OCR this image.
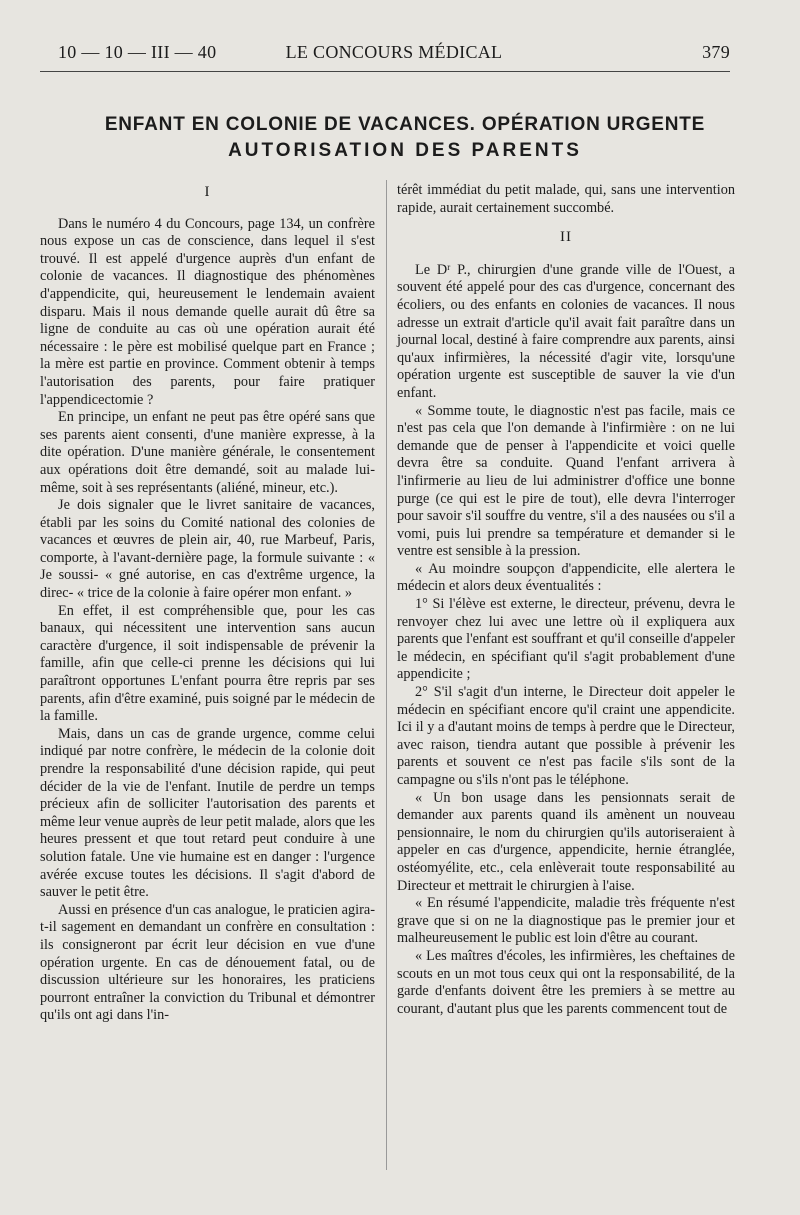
10 — 10 — III — 40	LE CONCOURS MÉDICAL	379
ENFANT EN COLONIE DE VACANCES. OPÉRATION URGENTE
AUTORISATION DES PARENTS
I

Dans le numéro 4 du Concours, page 134, un confrère nous expose un cas de conscience, dans lequel il s'est trouvé. Il est appelé d'urgence auprès d'un enfant de colonie de vacances. Il diagnostique des phénomènes d'appendicite, qui, heureusement le lendemain avaient disparu. Mais il nous demande quelle aurait dû être sa ligne de conduite au cas où une opération aurait été nécessaire : le père est mobilisé quelque part en France ; la mère est partie en province. Comment obtenir à temps l'autorisation des parents, pour faire pratiquer l'appendicectomie ?

En principe, un enfant ne peut pas être opéré sans que ses parents aient consenti, d'une manière expresse, à la dite opération. D'une manière générale, le consentement aux opérations doit être demandé, soit au malade lui-même, soit à ses représentants (aliéné, mineur, etc.).

Je dois signaler que le livret sanitaire de vacances, établi par les soins du Comité national des colonies de vacances et œuvres de plein air, 40, rue Marbeuf, Paris, comporte, à l'avant-dernière page, la formule suivante : « Je soussi- « gné autorise, en cas d'extrême urgence, la direc- « trice de la colonie à faire opérer mon enfant. »

En effet, il est compréhensible que, pour les cas banaux, qui nécessitent une intervention sans aucun caractère d'urgence, il soit indispensable de prévenir la famille, afin que celle-ci prenne les décisions qui lui paraîtront opportunes L'enfant pourra être repris par ses parents, afin d'être examiné, puis soigné par le médecin de la famille.

Mais, dans un cas de grande urgence, comme celui indiqué par notre confrère, le médecin de la colonie doit prendre la responsabilité d'une décision rapide, qui peut décider de la vie de l'enfant. Inutile de perdre un temps précieux afin de solliciter l'autorisation des parents et même leur venue auprès de leur petit malade, alors que les heures pressent et que tout retard peut conduire à une solution fatale. Une vie humaine est en danger : l'urgence avérée excuse toutes les décisions. Il s'agit d'abord de sauver le petit être.

Aussi en présence d'un cas analogue, le praticien agira-t-il sagement en demandant un confrère en consultation : ils consigneront par écrit leur décision en vue d'une opération urgente. En cas de dénouement fatal, ou de discussion ultérieure sur les honoraires, les praticiens pourront entraîner la conviction du Tribunal et démontrer qu'ils ont agi dans l'in-

térêt immédiat du petit malade, qui, sans une intervention rapide, aurait certainement succombé.

II

Le $D^r$ P., chirurgien d'une grande ville de l'Ouest, a souvent été appelé pour des cas d'urgence, concernant des écoliers, ou des enfants en colonies de vacances. Il nous adresse un extrait d'article qu'il avait fait paraître dans un journal local, destiné à faire comprendre aux parents, ainsi qu'aux infirmières, la nécessité d'agir vite, lorsqu'une opération urgente est susceptible de sauver la vie d'un enfant.

« Somme toute, le diagnostic n'est pas facile, mais ce n'est pas cela que l'on demande à l'infirmière : on ne lui demande que de penser à l'appendicite et voici quelle devra être sa conduite. Quand l'enfant arrivera à l'infirmerie au lieu de lui administrer d'office une bonne purge (ce qui est le pire de tout), elle devra l'interroger pour savoir s'il souffre du ventre, s'il a des nausées ou s'il a vomi, puis lui prendre sa température et demander si le ventre est sensible à la pression.

« Au moindre soupçon d'appendicite, elle alertera le médecin et alors deux éventualités :

1° Si l'élève est externe, le directeur, prévenu, devra le renvoyer chez lui avec une lettre où il expliquera aux parents que l'enfant est souffrant et qu'il conseille d'appeler le médecin, en spécifiant qu'il s'agit probablement d'une appendicite ;

2° S'il s'agit d'un interne, le Directeur doit appeler le médecin en spécifiant encore qu'il craint une appendicite. Ici il y a d'autant moins de temps à perdre que le Directeur, avec raison, tiendra autant que possible à prévenir les parents et souvent ce n'est pas facile s'ils sont de la campagne ou s'ils n'ont pas le téléphone.

« Un bon usage dans les pensionnats serait de demander aux parents quand ils amènent un nouveau pensionnaire, le nom du chirurgien qu'ils autoriseraient à appeler en cas d'urgence, appendicite, hernie étranglée, ostéomyélite, etc., cela enlèverait toute responsabilité au Directeur et mettrait le chirurgien à l'aise.

« En résumé l'appendicite, maladie très fréquente n'est grave que si on ne la diagnostique pas le premier jour et malheureusement le public est loin d'être au courant.

« Les maîtres d'écoles, les infirmières, les cheftaines de scouts en un mot tous ceux qui ont la responsabilité, de la garde d'enfants doivent être les premiers à se mettre au courant, d'autant plus que les parents commencent tout de
